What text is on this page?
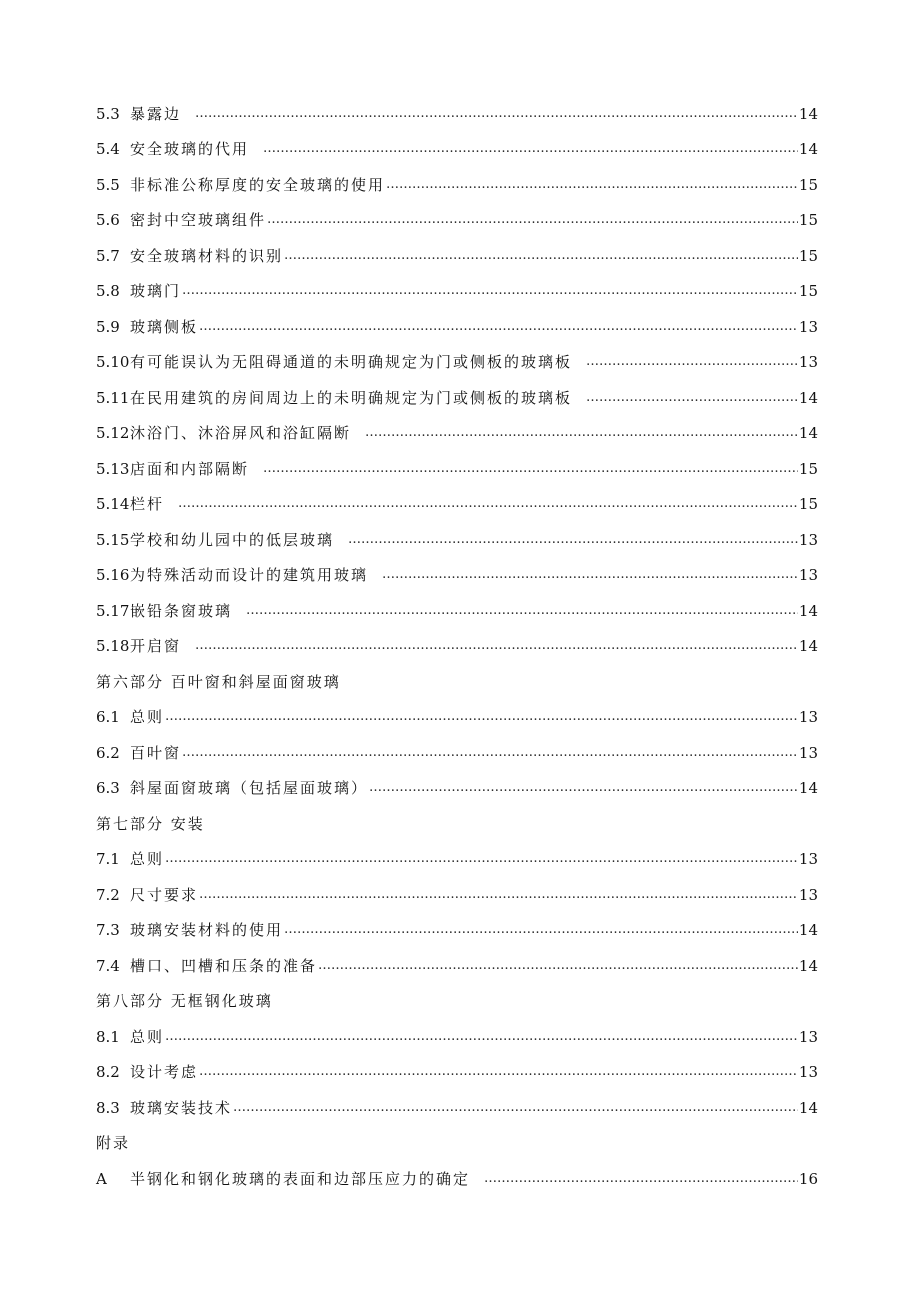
5.3 暴露边 …………………………………………………………………………………………………………………………………………………………………………	14
5.4 安全玻璃的代用 …………………………………………………………………………………………………………………………………………………………………………	14
5.5 非标准公称厚度的安全玻璃的使用 …………………………………………………………………………………………………………………………………………………………………………	15
5.6 密封中空玻璃组件 …………………………………………………………………………………………………………………………………………………………………………	15
5.7 安全玻璃材料的识别 …………………………………………………………………………………………………………………………………………………………………………	15
5.8 玻璃门 …………………………………………………………………………………………………………………………………………………………………………	15
5.9 玻璃侧板 …………………………………………………………………………………………………………………………………………………………………………	13
5.10有可能误认为无阻碍通道的未明确规定为门或侧板的玻璃板 …………………………………………………………………………………………………………………………………………………………………………	13
5.11在民用建筑的房间周边上的未明确规定为门或侧板的玻璃板 …………………………………………………………………………………………………………………………………………………………………………	14
5.12沐浴门、沐浴屏风和浴缸隔断 …………………………………………………………………………………………………………………………………………………………………………	14
5.13店面和内部隔断 …………………………………………………………………………………………………………………………………………………………………………	15
5.14栏杆 …………………………………………………………………………………………………………………………………………………………………………	15
5.15学校和幼儿园中的低层玻璃 …………………………………………………………………………………………………………………………………………………………………………	13
5.16为特殊活动而设计的建筑用玻璃 …………………………………………………………………………………………………………………………………………………………………………	13
5.17嵌铅条窗玻璃 …………………………………………………………………………………………………………………………………………………………………………	14
5.18开启窗 …………………………………………………………………………………………………………………………………………………………………………	14
第六部分 百叶窗和斜屋面窗玻璃
6.1 总则 …………………………………………………………………………………………………………………………………………………………………………	13
6.2 百叶窗 …………………………………………………………………………………………………………………………………………………………………………	13
6.3 斜屋面窗玻璃（包括屋面玻璃） …………………………………………………………………………………………………………………………………………………………………………	14
第七部分 安装
7.1 总则 …………………………………………………………………………………………………………………………………………………………………………	13
7.2 尺寸要求 …………………………………………………………………………………………………………………………………………………………………………	13
7.3 玻璃安装材料的使用 …………………………………………………………………………………………………………………………………………………………………………	14
7.4 槽口、凹槽和压条的准备 …………………………………………………………………………………………………………………………………………………………………………	14
第八部分 无框钢化玻璃
8.1 总则 …………………………………………………………………………………………………………………………………………………………………………	13
8.2 设计考虑 …………………………………………………………………………………………………………………………………………………………………………	13
8.3 玻璃安装技术 …………………………………………………………………………………………………………………………………………………………………………	14
附录
A 半钢化和钢化玻璃的表面和边部压应力的确定 …………………………………………………………………………………………………………………………………………………………………………	16
